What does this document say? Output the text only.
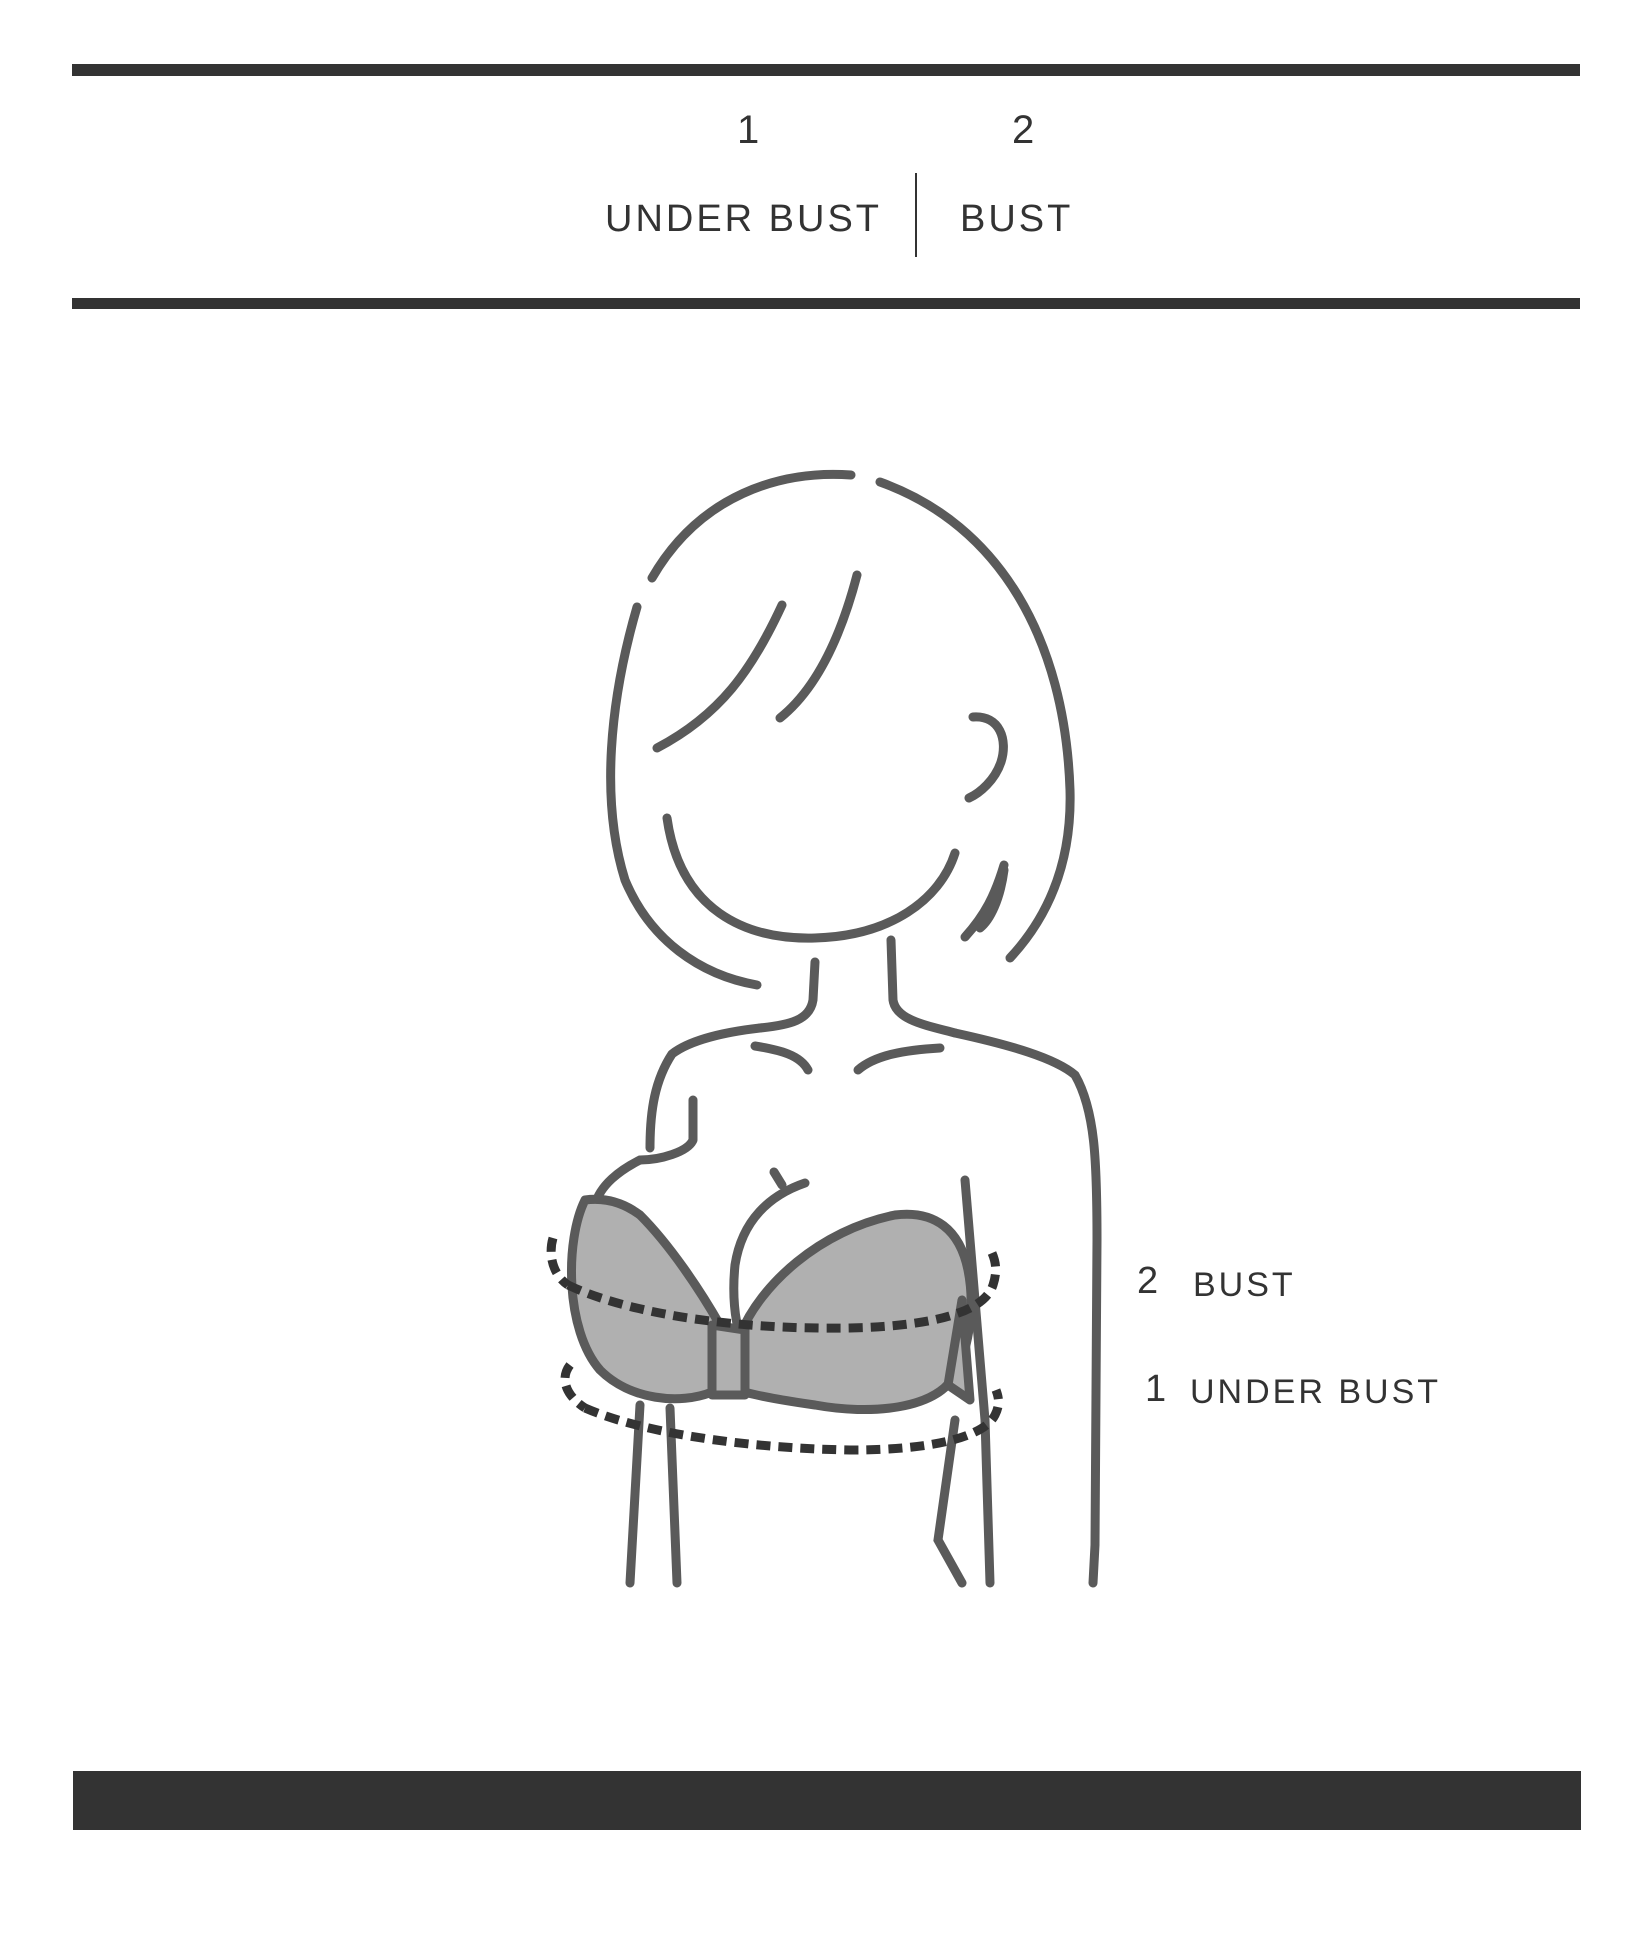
1	2
UNDER BUST BUST
2 BUST
1 UNDER BUST
